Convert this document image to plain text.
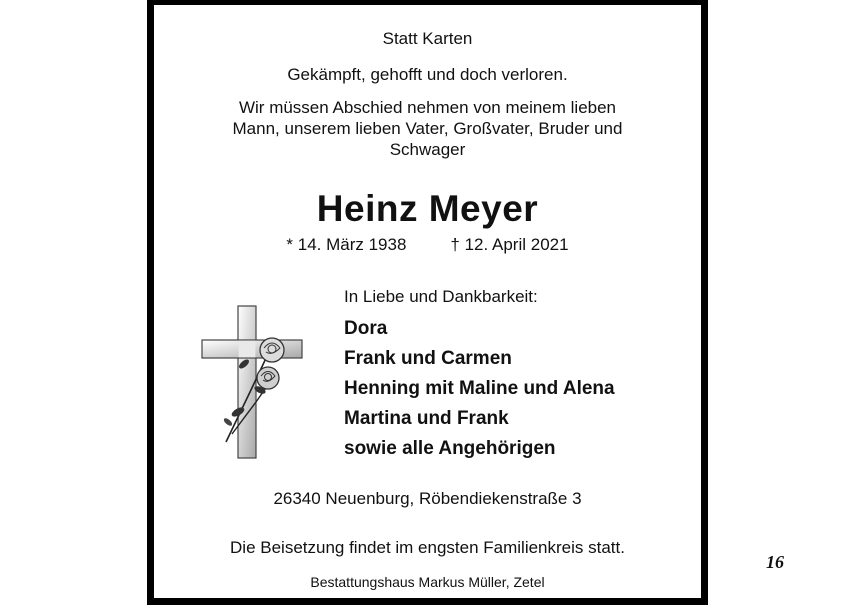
Statt Karten
Gekämpft, gehofft und doch verloren.
Wir müssen Abschied nehmen von meinem lieben
Mann, unserem lieben Vater, Großvater, Bruder und
Schwager
Heinz Meyer
* 14. März 1938	† 12. April 2021
In Liebe und Dankbarkeit:
Dora
Frank und Carmen
Henning mit Maline und Alena
Martina und Frank
sowie alle Angehörigen
26340 Neuenburg, Röbendiekenstraße 3
Die Beisetzung findet im engsten Familienkreis statt.
Bestattungshaus Markus Müller, Zetel
16
